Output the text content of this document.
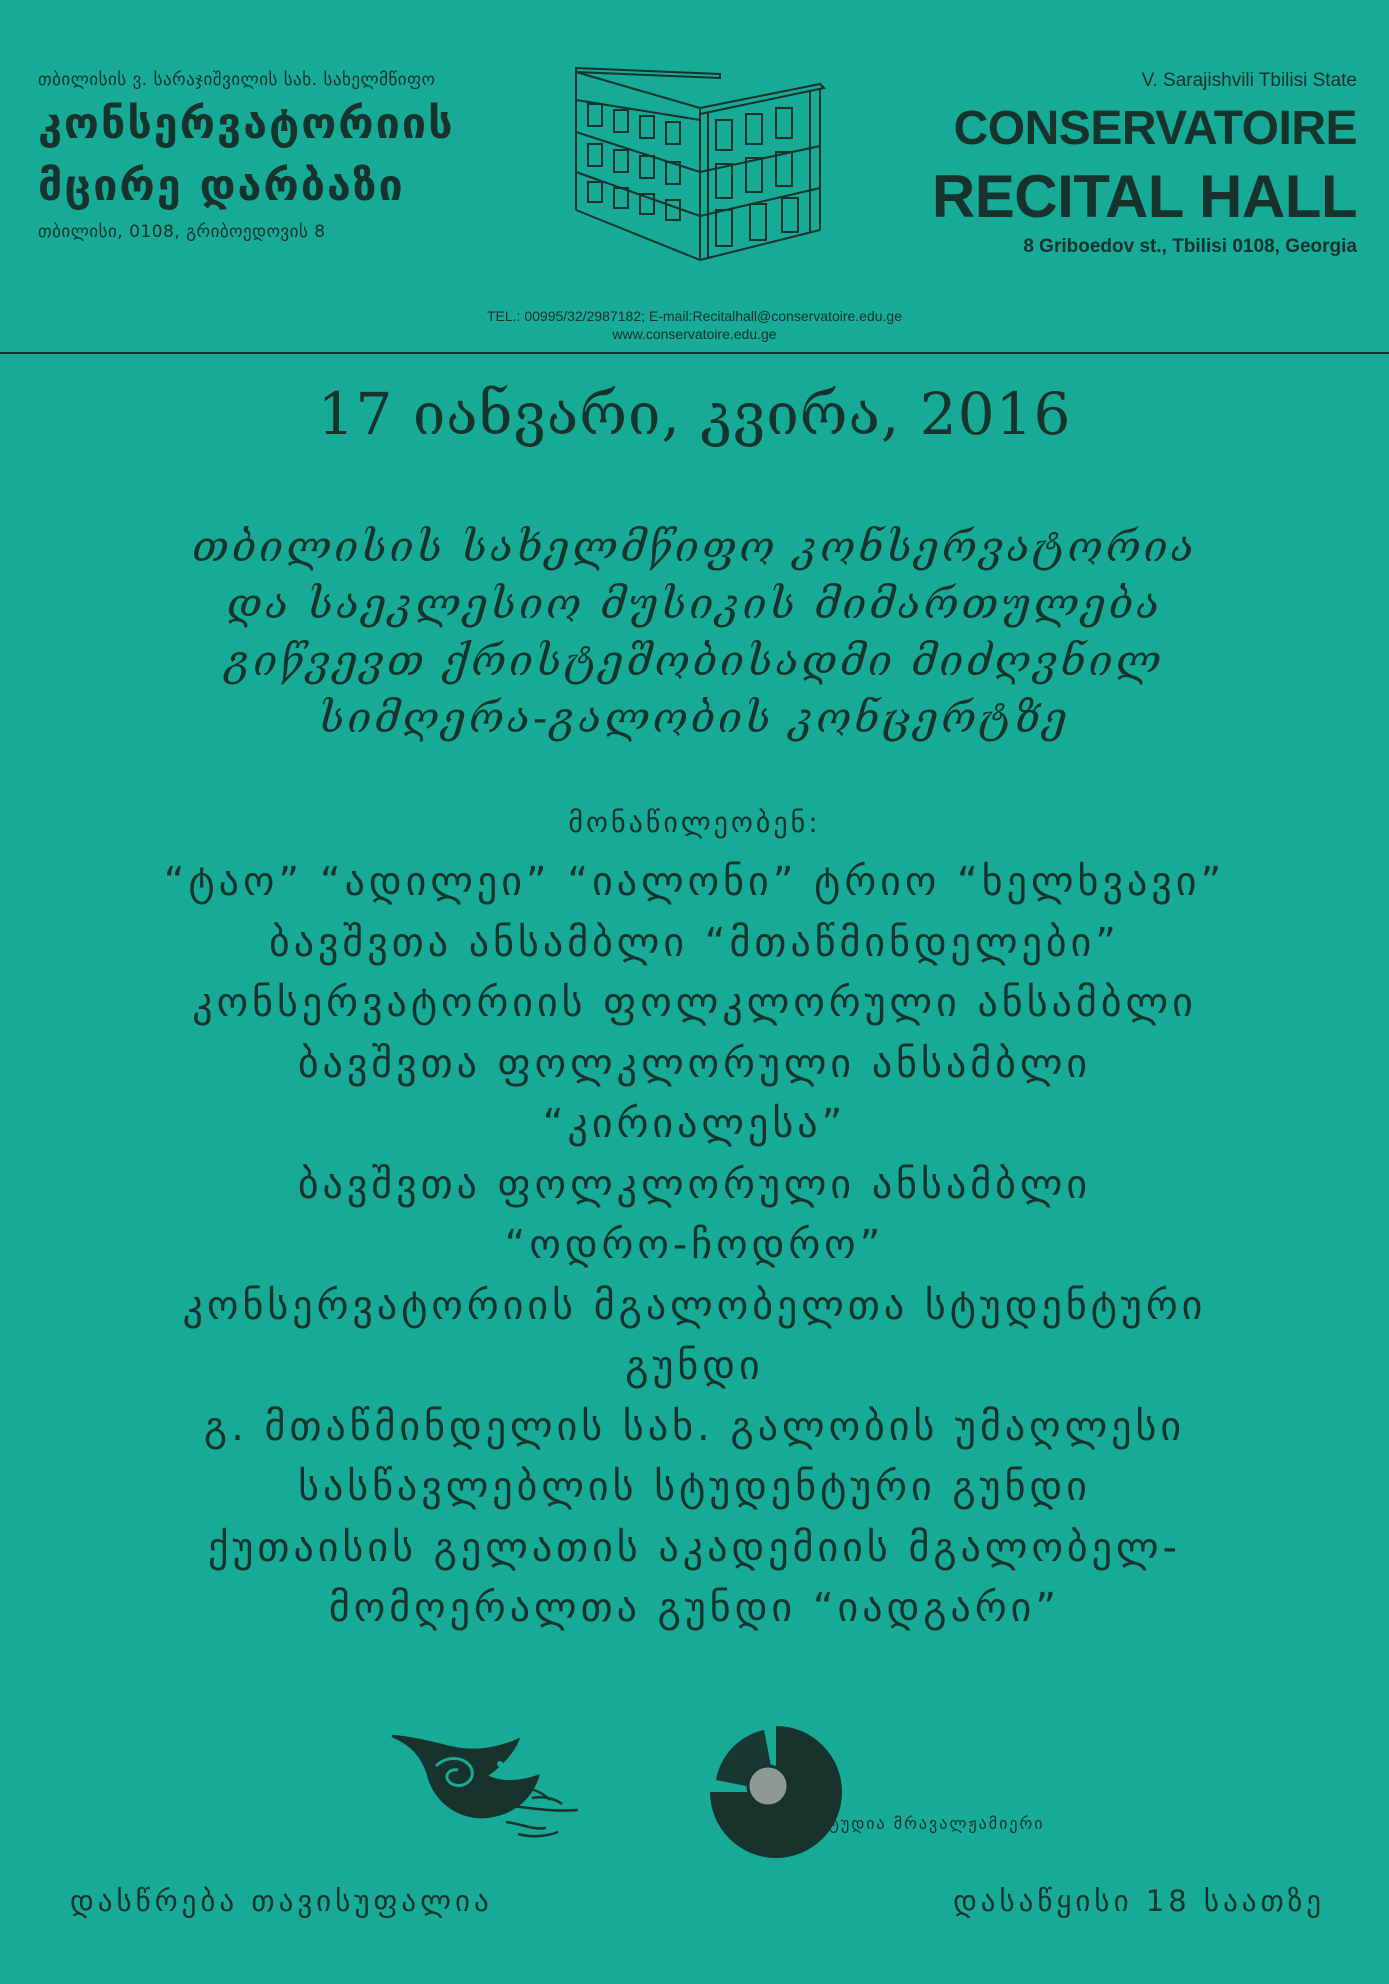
თბილისის ვ. სარაჯიშვილის სახ. სახელმწიფო
კონსერვატორიის
მცირე დარბაზი
თბილისი, 0108, გრიბოედოვის 8
V. Sarajishvili Tbilisi State
CONSERVATOIRE
RECITAL HALL
8 Griboedov st., Tbilisi 0108, Georgia
TEL.: 00995/32/2987182; E-mail:Recitalhall@conservatoire.edu.ge
www.conservatoire.edu.ge
17 იანვარი, კვირა, 2016
თბილისის სახელმწიფო კონსერვატორია
და საეკლესიო მუსიკის მიმართულება
გიწვევთ ქრისტეშობისადმი მიძღვნილ
სიმღერა-გალობის კონცერტზე
მონაწილეობენ:
“ტაო” “ადილეი” “იალონი” ტრიო “ხელხვავი”
ბავშვთა ანსამბლი “მთაწმინდელები”
კონსერვატორიის ფოლკლორული ანსამბლი
ბავშვთა ფოლკლორული ანსამბლი
“კირიალესა”
ბავშვთა ფოლკლორული ანსამბლი
“ოდრო-ჩოდრო”
კონსერვატორიის მგალობელთა სტუდენტური
გუნდი
გ. მთაწმინდელის სახ. გალობის უმაღლესი
სასწავლებლის სტუდენტური გუნდი
ქუთაისის გელათის აკადემიის მგალობელ-
მომღერალთა გუნდი “იადგარი”
სტუდია მრავალჟამიერი
დასწრება თავისუფალია	დასაწყისი 18 საათზე
